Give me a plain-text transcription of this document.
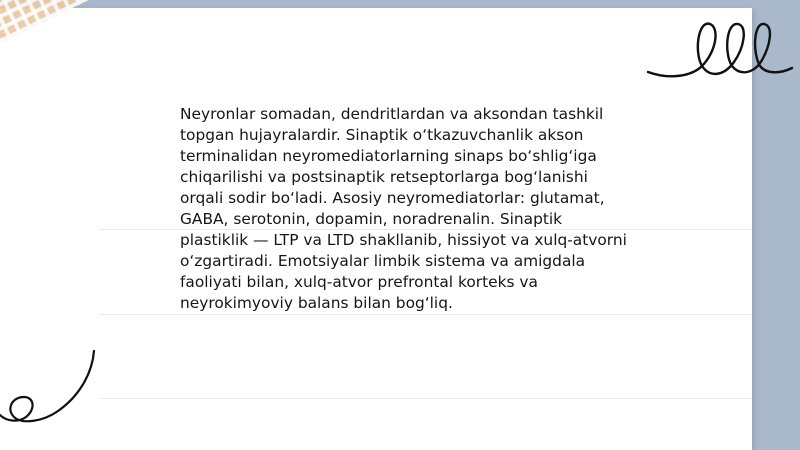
Neyronlar somadan, dendritlardan va aksondan tashkil topgan hujayralardir. Sinaptik o‘tkazuvchanlik akson terminalidan neyromediatorlarning sinaps bo‘shlig‘iga chiqarilishi va postsinaptik retseptorlarga bog‘lanishi orqali sodir bo‘ladi. Asosiy neyromediatorlar: glutamat, GABA, serotonin, dopamin, noradrenalin. Sinaptik plastiklik — LTP va LTD shakllanib, hissiyot va xulq-atvorni o‘zgartiradi. Emotsiyalar limbik sistema va amigdala faoliyati bilan, xulq-atvor prefrontal korteks va neyrokimyoviy balans bilan bog‘liq.
